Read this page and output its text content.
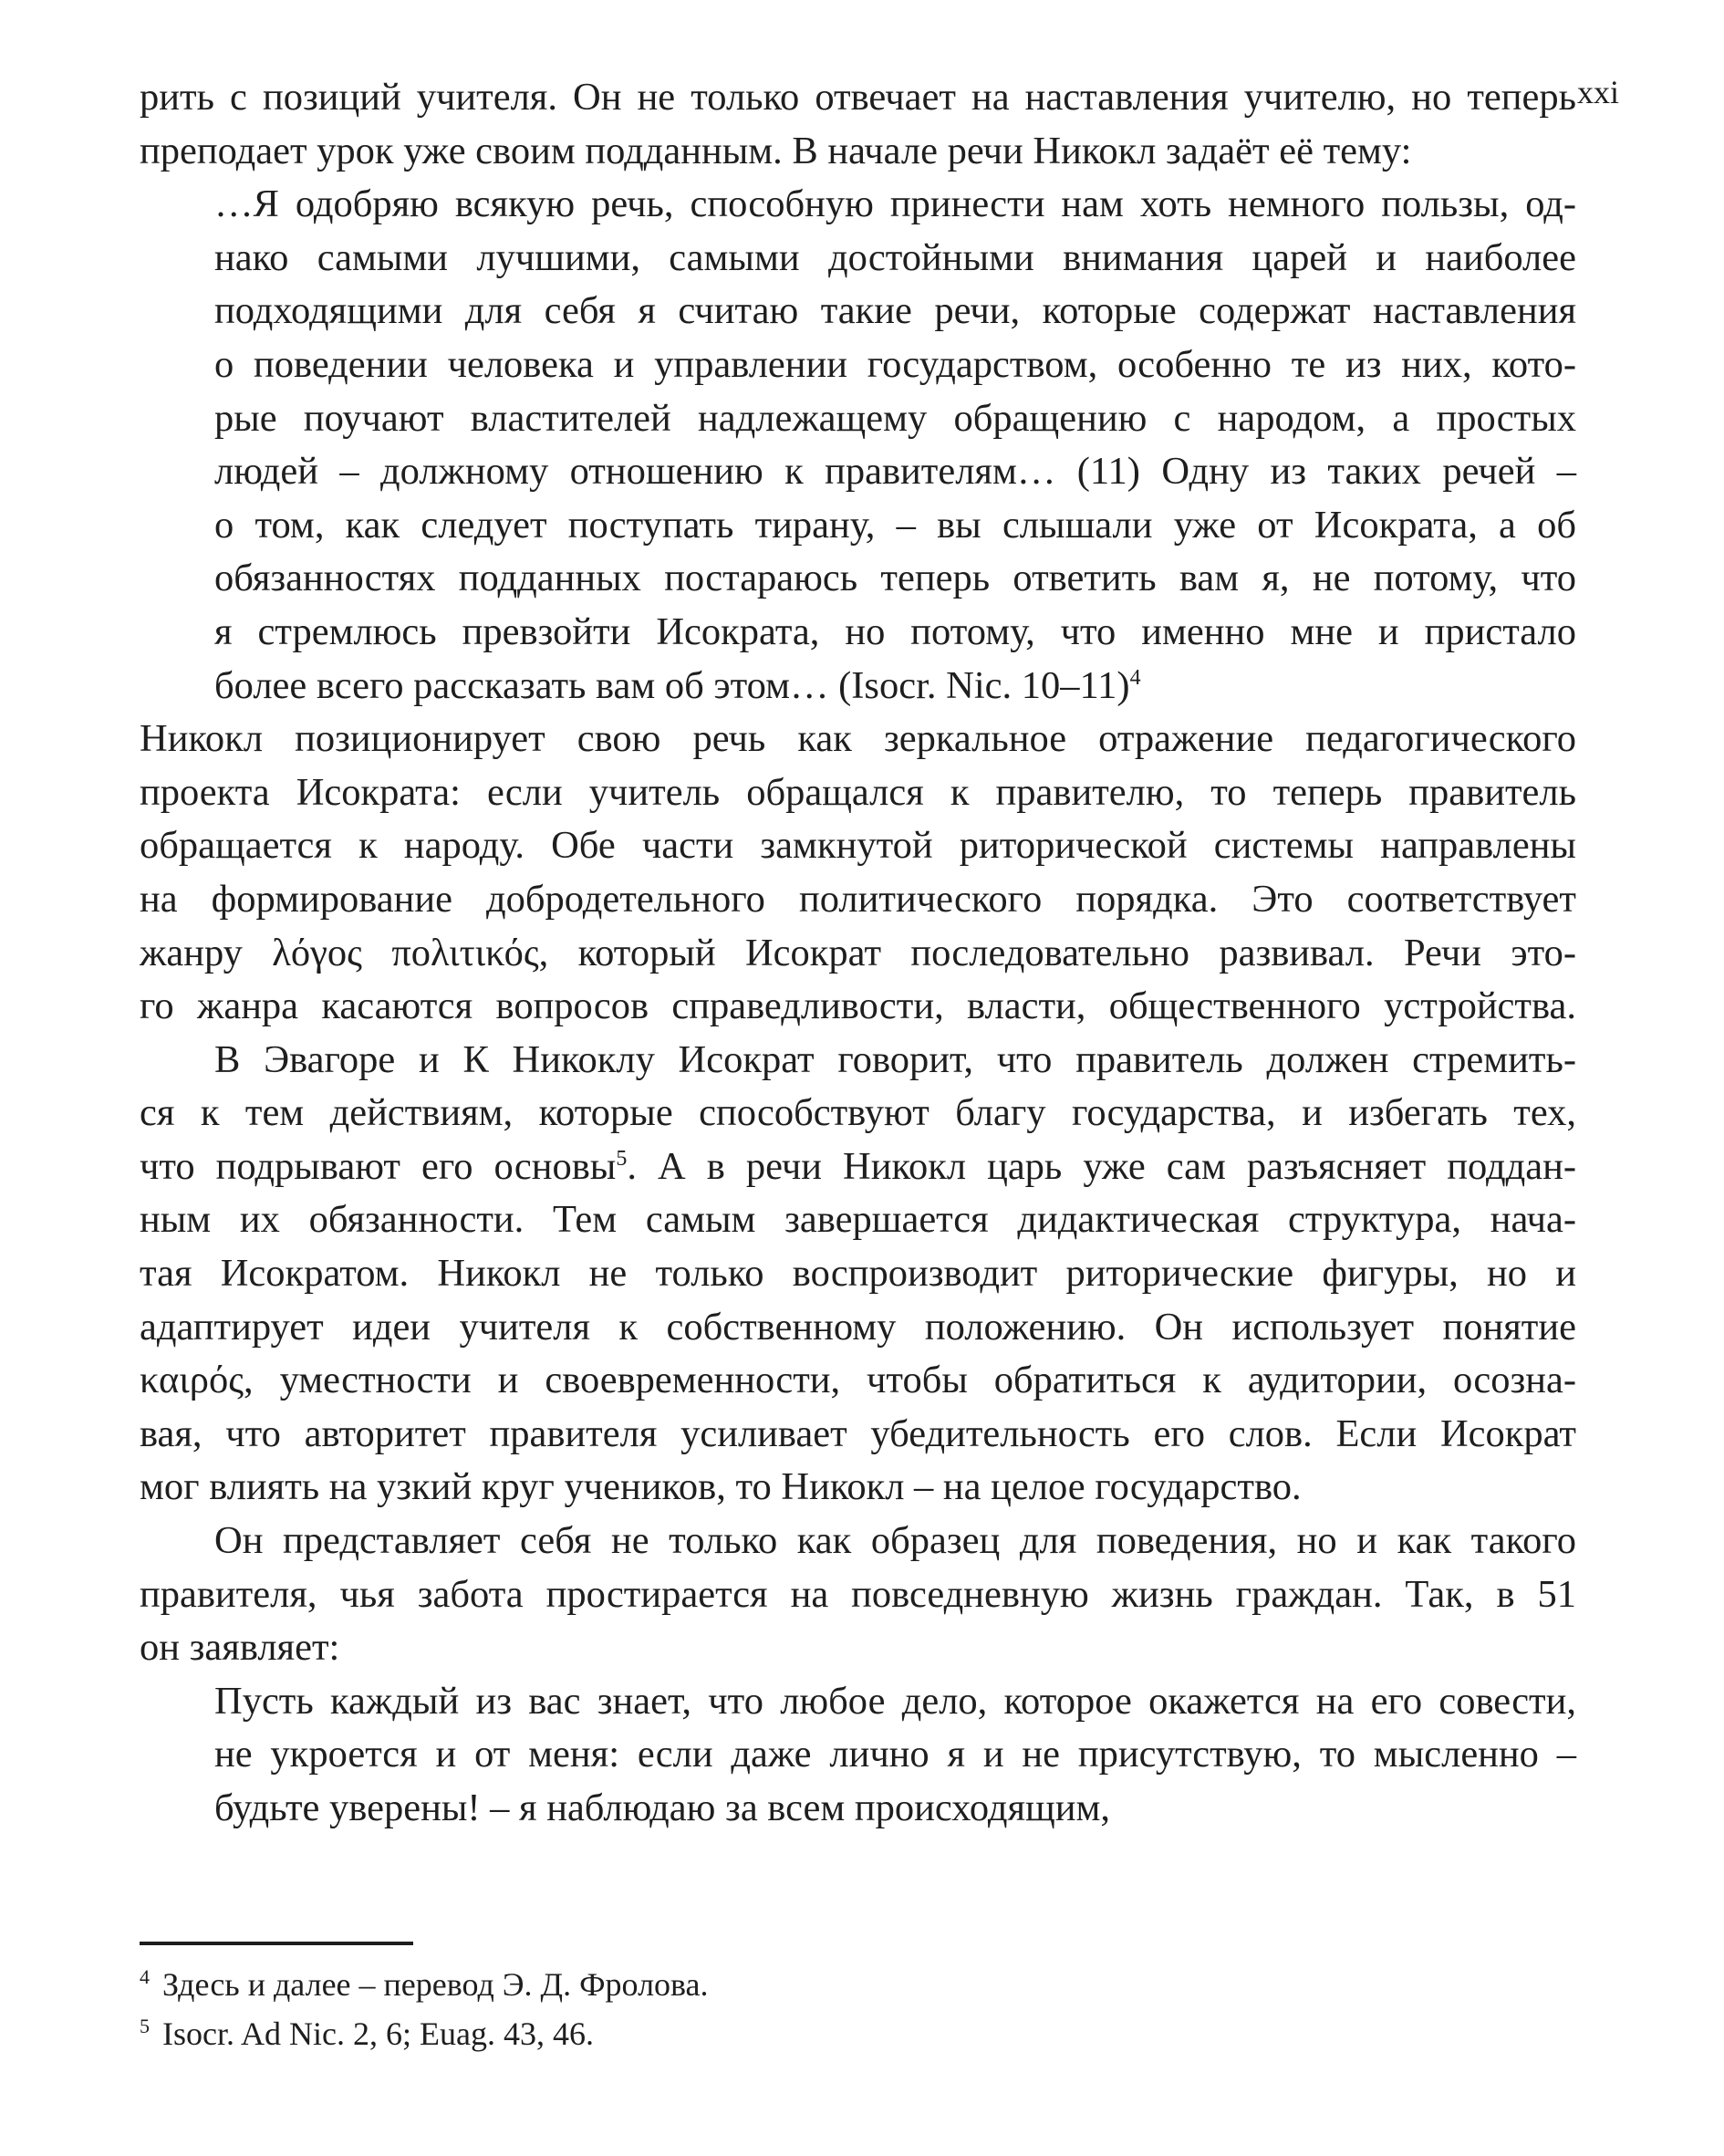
xxi
рить с позиций учителя. Он не только отвечает на наставления учителю, но теперь
преподает урок уже своим подданным. В начале речи Никокл задаёт её тему:
…Я одобряю всякую речь, способную принести нам хоть немного пользы, од-
нако самыми лучшими, самыми достойными внимания царей и наиболее
подходящими для себя я считаю такие речи, которые содержат наставления
о поведении человека и управлении государством, особенно те из них, кото-
рые поучают властителей надлежащему обращению с народом, а простых
людей – должному отношению к правителям… (11) Одну из таких речей –
о том, как следует поступать тирану, – вы слышали уже от Исократа, а об
обязанностях подданных постараюсь теперь ответить вам я, не потому, что
я стремлюсь превзойти Исократа, но потому, что именно мне и пристало
более всего рассказать вам об этом… (Isocr. Nic. 10–11)$^4$
Никокл позиционирует свою речь как зеркальное отражение педагогического
проекта Исократа: если учитель обращался к правителю, то теперь правитель
обращается к народу. Обе части замкнутой риторической системы направлены
на формирование добродетельного политического порядка. Это соответствует
жанру λόγος πολιτικός, который Исократ последовательно развивал. Речи это-
го жанра касаются вопросов справедливости, власти, общественного устройства.
В Эвагоре и К Никоклу Исократ говорит, что правитель должен стремить-
ся к тем действиям, которые способствуют благу государства, и избегать тех,
что подрывают его основы$^5$. А в речи Никокл царь уже сам разъясняет поддан-
ным их обязанности. Тем самым завершается дидактическая структура, нача-
тая Исократом. Никокл не только воспроизводит риторические фигуры, но и
адаптирует идеи учителя к собственному положению. Он использует понятие
καιρός, уместности и своевременности, чтобы обратиться к аудитории, осозна-
вая, что авторитет правителя усиливает убедительность его слов. Если Исократ
мог влиять на узкий круг учеников, то Никокл – на целое государство.
Он представляет себя не только как образец для поведения, но и как такого
правителя, чья забота простирается на повседневную жизнь граждан. Так, в 51
он заявляет:
Пусть каждый из вас знает, что любое дело, которое окажется на его совести,
не укроется и от меня: если даже лично я и не присутствую, то мысленно –
будьте уверены! – я наблюдаю за всем происходящим,
$^4$ Здесь и далее – перевод Э. Д. Фролова.
$^5$ Isocr. Ad Nic. 2, 6; Euag. 43, 46.
